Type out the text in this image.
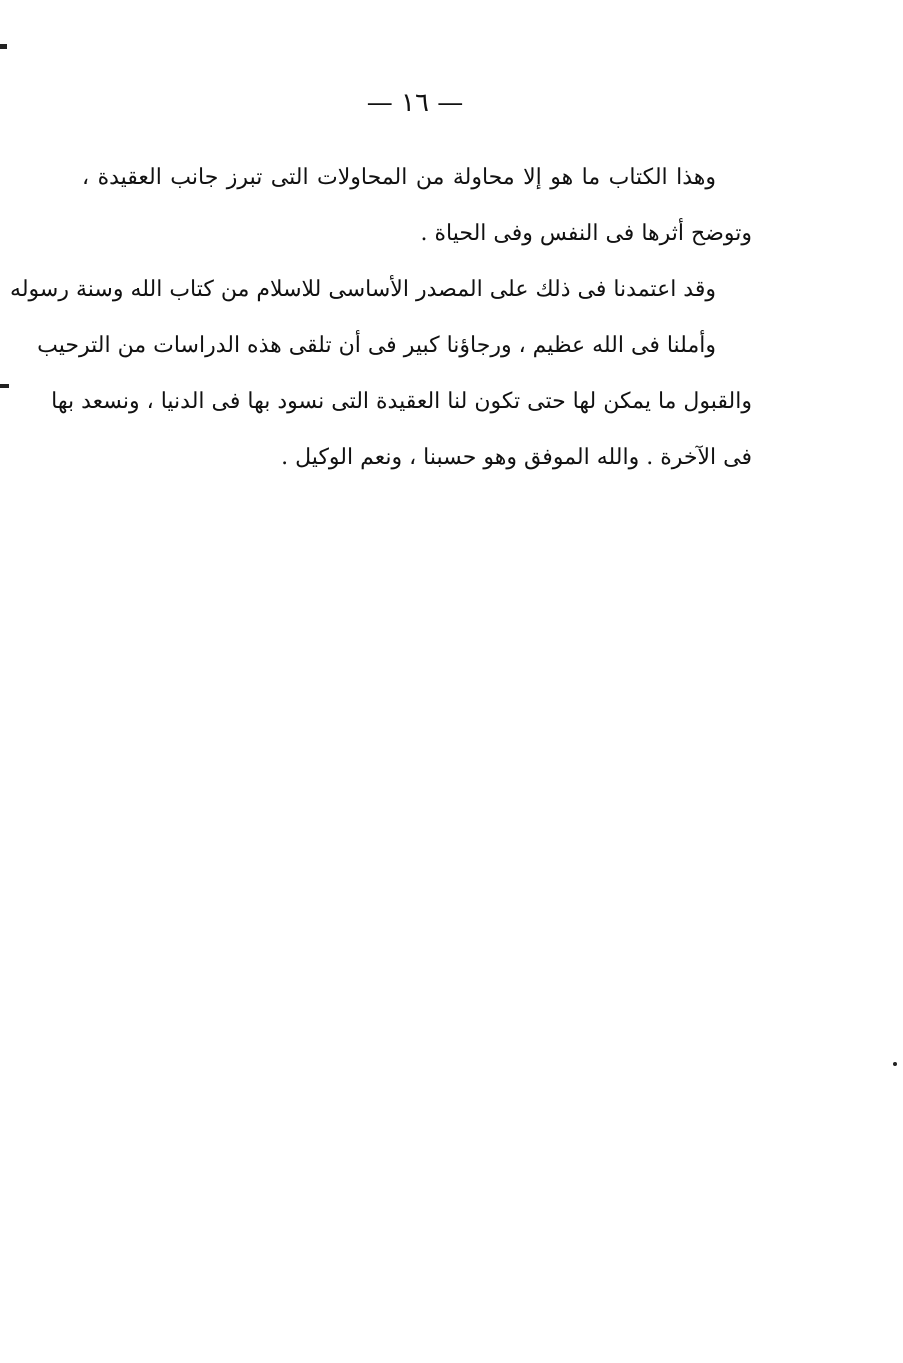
— ١٦ —
وهذا الكتاب ما هو إلا محاولة من المحاولات التى تبرز جانب العقيدة ،
وتوضح أثرها فى النفس وفى الحياة .
وقد اعتمدنا فى ذلك على المصدر الأساسى للاسلام من كتاب الله وسنة رسوله
وأملنا فى الله عظيم ، ورجاؤنا كبير فى أن تلقى هذه الدراسات من الترحيب
والقبول ما يمكن لها حتى تكون لنا العقيدة التى نسود بها فى الدنيا ، ونسعد بها
فى الآخرة . والله الموفق وهو حسبنا ، ونعم الوكيل .
